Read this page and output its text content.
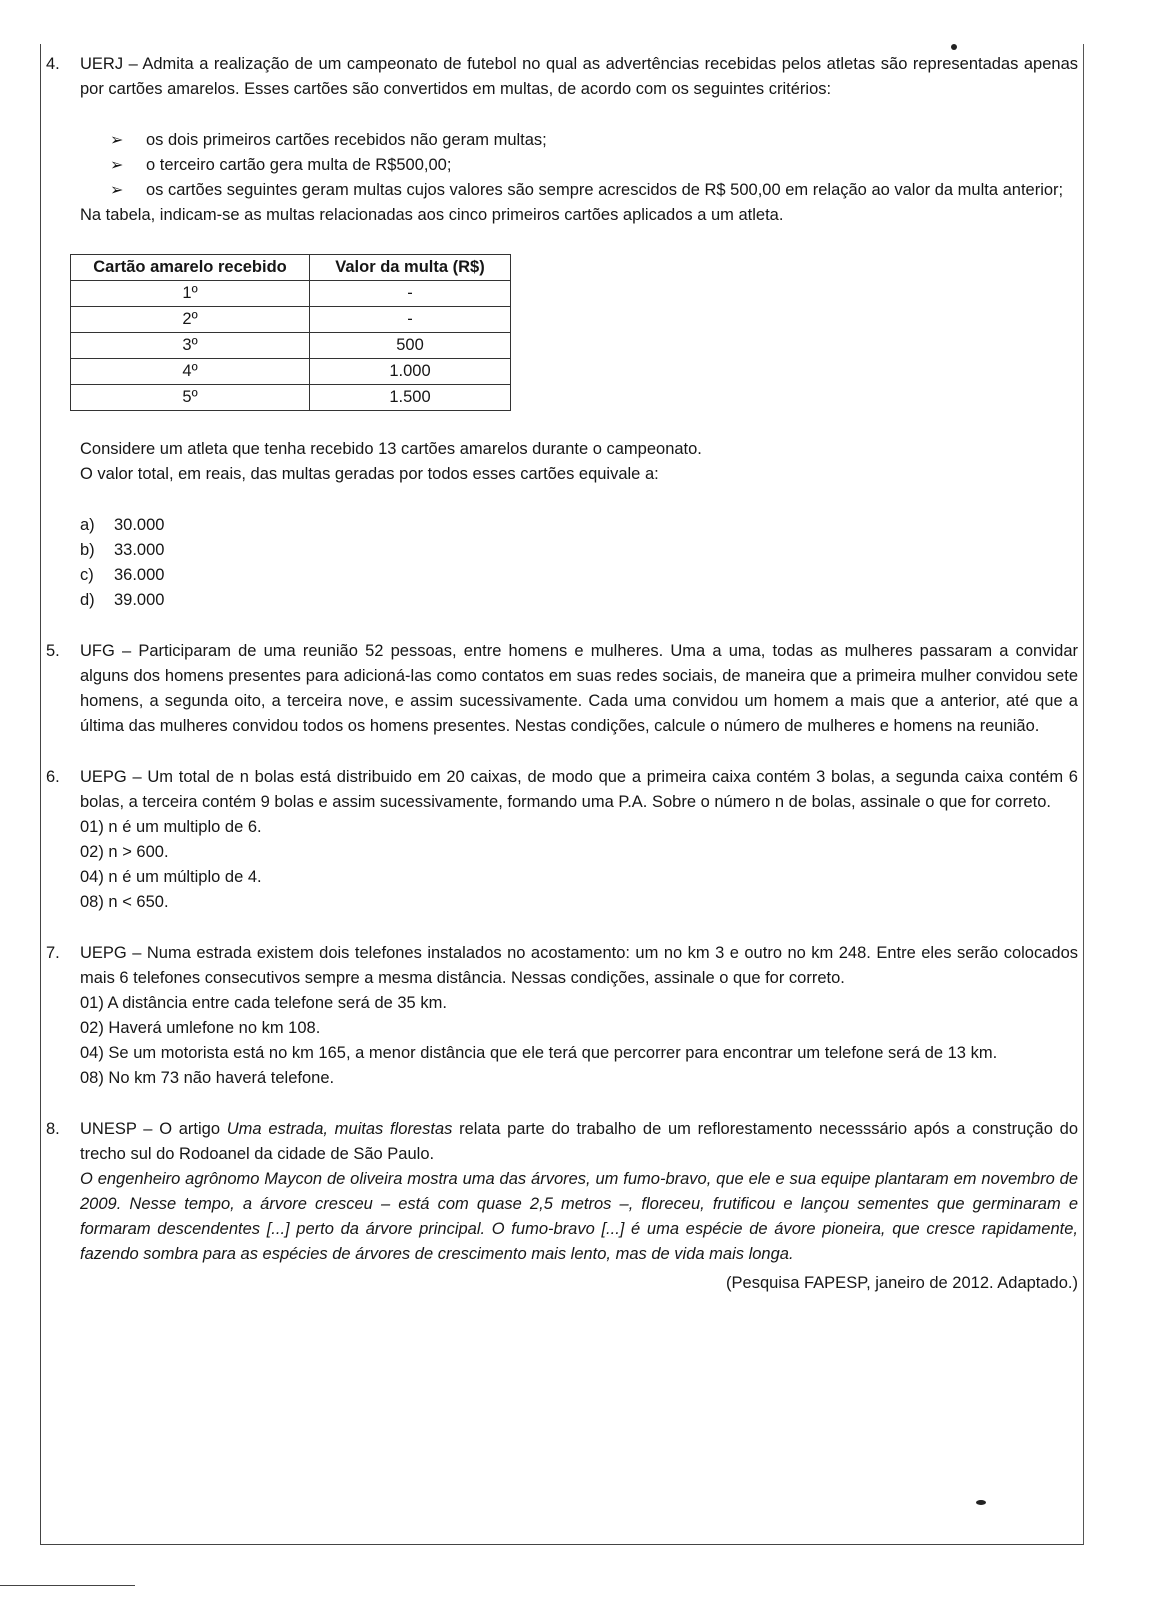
4.	UERJ – Admita a realização de um campeonato de futebol no qual as advertências recebidas pelos atletas são representadas apenas por cartões amarelos. Esses cartões são convertidos em multas, de acordo com os seguintes critérios:

➢	os dois primeiros cartões recebidos não geram multas;
➢	o terceiro cartão gera multa de R$500,00;
➢	os cartões seguintes geram multas cujos valores são sempre acrescidos de R$ 500,00 em relação ao valor da multa anterior;

Na tabela, indicam-se as multas relacionadas aos cinco primeiros cartões aplicados a um atleta.

Cartão amarelo recebido	Valor da multa (R$)
1º	-
2º	-
3º	500
4º	1.000
5º	1.500

Considere um atleta que tenha recebido 13 cartões amarelos durante o campeonato.

O valor total, em reais, das multas geradas por todos esses cartões equivale a:

a)	30.000
b)	33.000
c)	36.000
d)	39.000
5.	UFG – Participaram de uma reunião 52 pessoas, entre homens e mulheres. Uma a uma, todas as mulheres passaram a convidar alguns dos homens presentes para adicioná-las como contatos em suas redes sociais, de maneira que a primeira mulher convidou sete homens, a segunda oito, a terceira nove, e assim sucessivamente. Cada uma convidou um homem a mais que a anterior, até que a última das mulheres convidou todos os homens presentes. Nestas condições, calcule o número de mulheres e homens na reunião.

6.	UEPG – Um total de n bolas está distribuido em 20 caixas, de modo que a primeira caixa contém 3 bolas, a segunda caixa contém 6 bolas, a terceira contém 9 bolas e assim sucessivamente, formando uma P.A. Sobre o número n de bolas, assinale o que for correto.

01) n é um multiplo de 6.

02) n > 600.

04) n é um múltiplo de 4.

08) n < 650.

7.	UEPG – Numa estrada existem dois telefones instalados no acostamento: um no km 3 e outro no km 248. Entre eles serão colocados mais 6 telefones consecutivos sempre a mesma distância. Nessas condições, assinale o que for correto.

01) A distância entre cada telefone será de 35 km.

02) Haverá umlefone no km 108.

04) Se um motorista está no km 165, a menor distância que ele terá que percorrer para encontrar um telefone será de 13 km.

08) No km 73 não haverá telefone.

8.	UNESP – O artigo Uma estrada, muitas florestas relata parte do trabalho de um reflorestamento necesssário após a construção do trecho sul do Rodoanel da cidade de São Paulo.

O engenheiro agrônomo Maycon de oliveira mostra uma das árvores, um fumo-bravo, que ele e sua equipe plantaram em novembro de 2009. Nesse tempo, a árvore cresceu – está com quase 2,5 metros –, floreceu, frutificou e lançou sementes que germinaram e formaram descendentes [...] perto da árvore principal. O fumo-bravo [...] é uma espécie de ávore pioneira, que cresce rapidamente, fazendo sombra para as espécies de árvores de crescimento mais lento, mas de vida mais longa.

(Pesquisa FAPESP, janeiro de 2012. Adaptado.)
